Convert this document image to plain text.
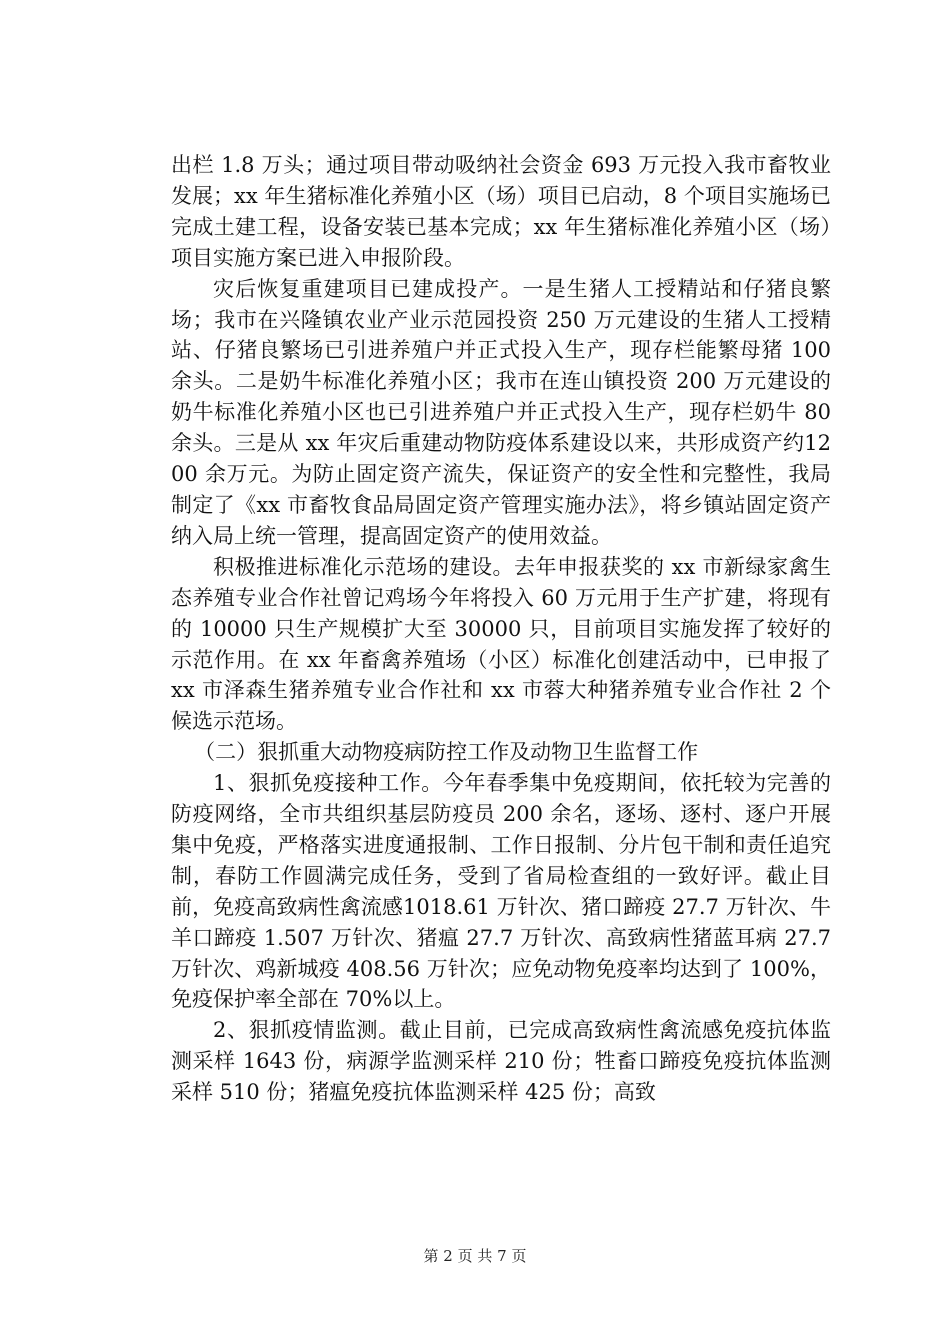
出栏 1.8 万头；通过项目带动吸纳社会资金 693 万元投入我市畜牧业发展；xx 年生猪标准化养殖小区（场）项目已启动，8 个项目实施场已完成土建工程，设备安装已基本完成；xx 年生猪标准化养殖小区（场）项目实施方案已进入申报阶段。

灾后恢复重建项目已建成投产。一是生猪人工授精站和仔猪良繁场；我市在兴隆镇农业产业示范园投资 250 万元建设的生猪人工授精站、仔猪良繁场已引进养殖户并正式投入生产，现存栏能繁母猪 100 余头。二是奶牛标准化养殖小区；我市在连山镇投资 200 万元建设的奶牛标准化养殖小区也已引进养殖户并正式投入生产，现存栏奶牛 80 余头。三是从 xx 年灾后重建动物防疫体系建设以来，共形成资产约1200 余万元。为防止固定资产流失，保证资产的安全性和完整性，我局制定了《xx 市畜牧食品局固定资产管理实施办法》，将乡镇站固定资产纳入局上统一管理，提高固定资产的使用效益。

积极推进标准化示范场的建设。去年申报获奖的 xx 市新绿家禽生态养殖专业合作社曾记鸡场今年将投入 60 万元用于生产扩建，将现有的 10000 只生产规模扩大至 30000 只，目前项目实施发挥了较好的示范作用。在 xx 年畜禽养殖场（小区）标准化创建活动中，已申报了 xx 市泽森生猪养殖专业合作社和 xx 市蓉大种猪养殖专业合作社 2 个候选示范场。

（二）狠抓重大动物疫病防控工作及动物卫生监督工作

1、狠抓免疫接种工作。今年春季集中免疫期间，依托较为完善的防疫网络，全市共组织基层防疫员 200 余名，逐场、逐村、逐户开展集中免疫，严格落实进度通报制、工作日报制、分片包干制和责任追究制，春防工作圆满完成任务，受到了省局检查组的一致好评。截止目前，免疫高致病性禽流感1018.61 万针次、猪口蹄疫 27.7 万针次、牛羊口蹄疫 1.507 万针次、猪瘟 27.7 万针次、高致病性猪蓝耳病 27.7 万针次、鸡新城疫 408.56 万针次；应免动物免疫率均达到了 100%，免疫保护率全部在 70%以上。

2、狠抓疫情监测。截止目前，已完成高致病性禽流感免疫抗体监测采样 1643 份，病源学监测采样 210 份；牲畜口蹄疫免疫抗体监测采样 510 份；猪瘟免疫抗体监测采样 425 份；高致

第 2 页 共 7 页
